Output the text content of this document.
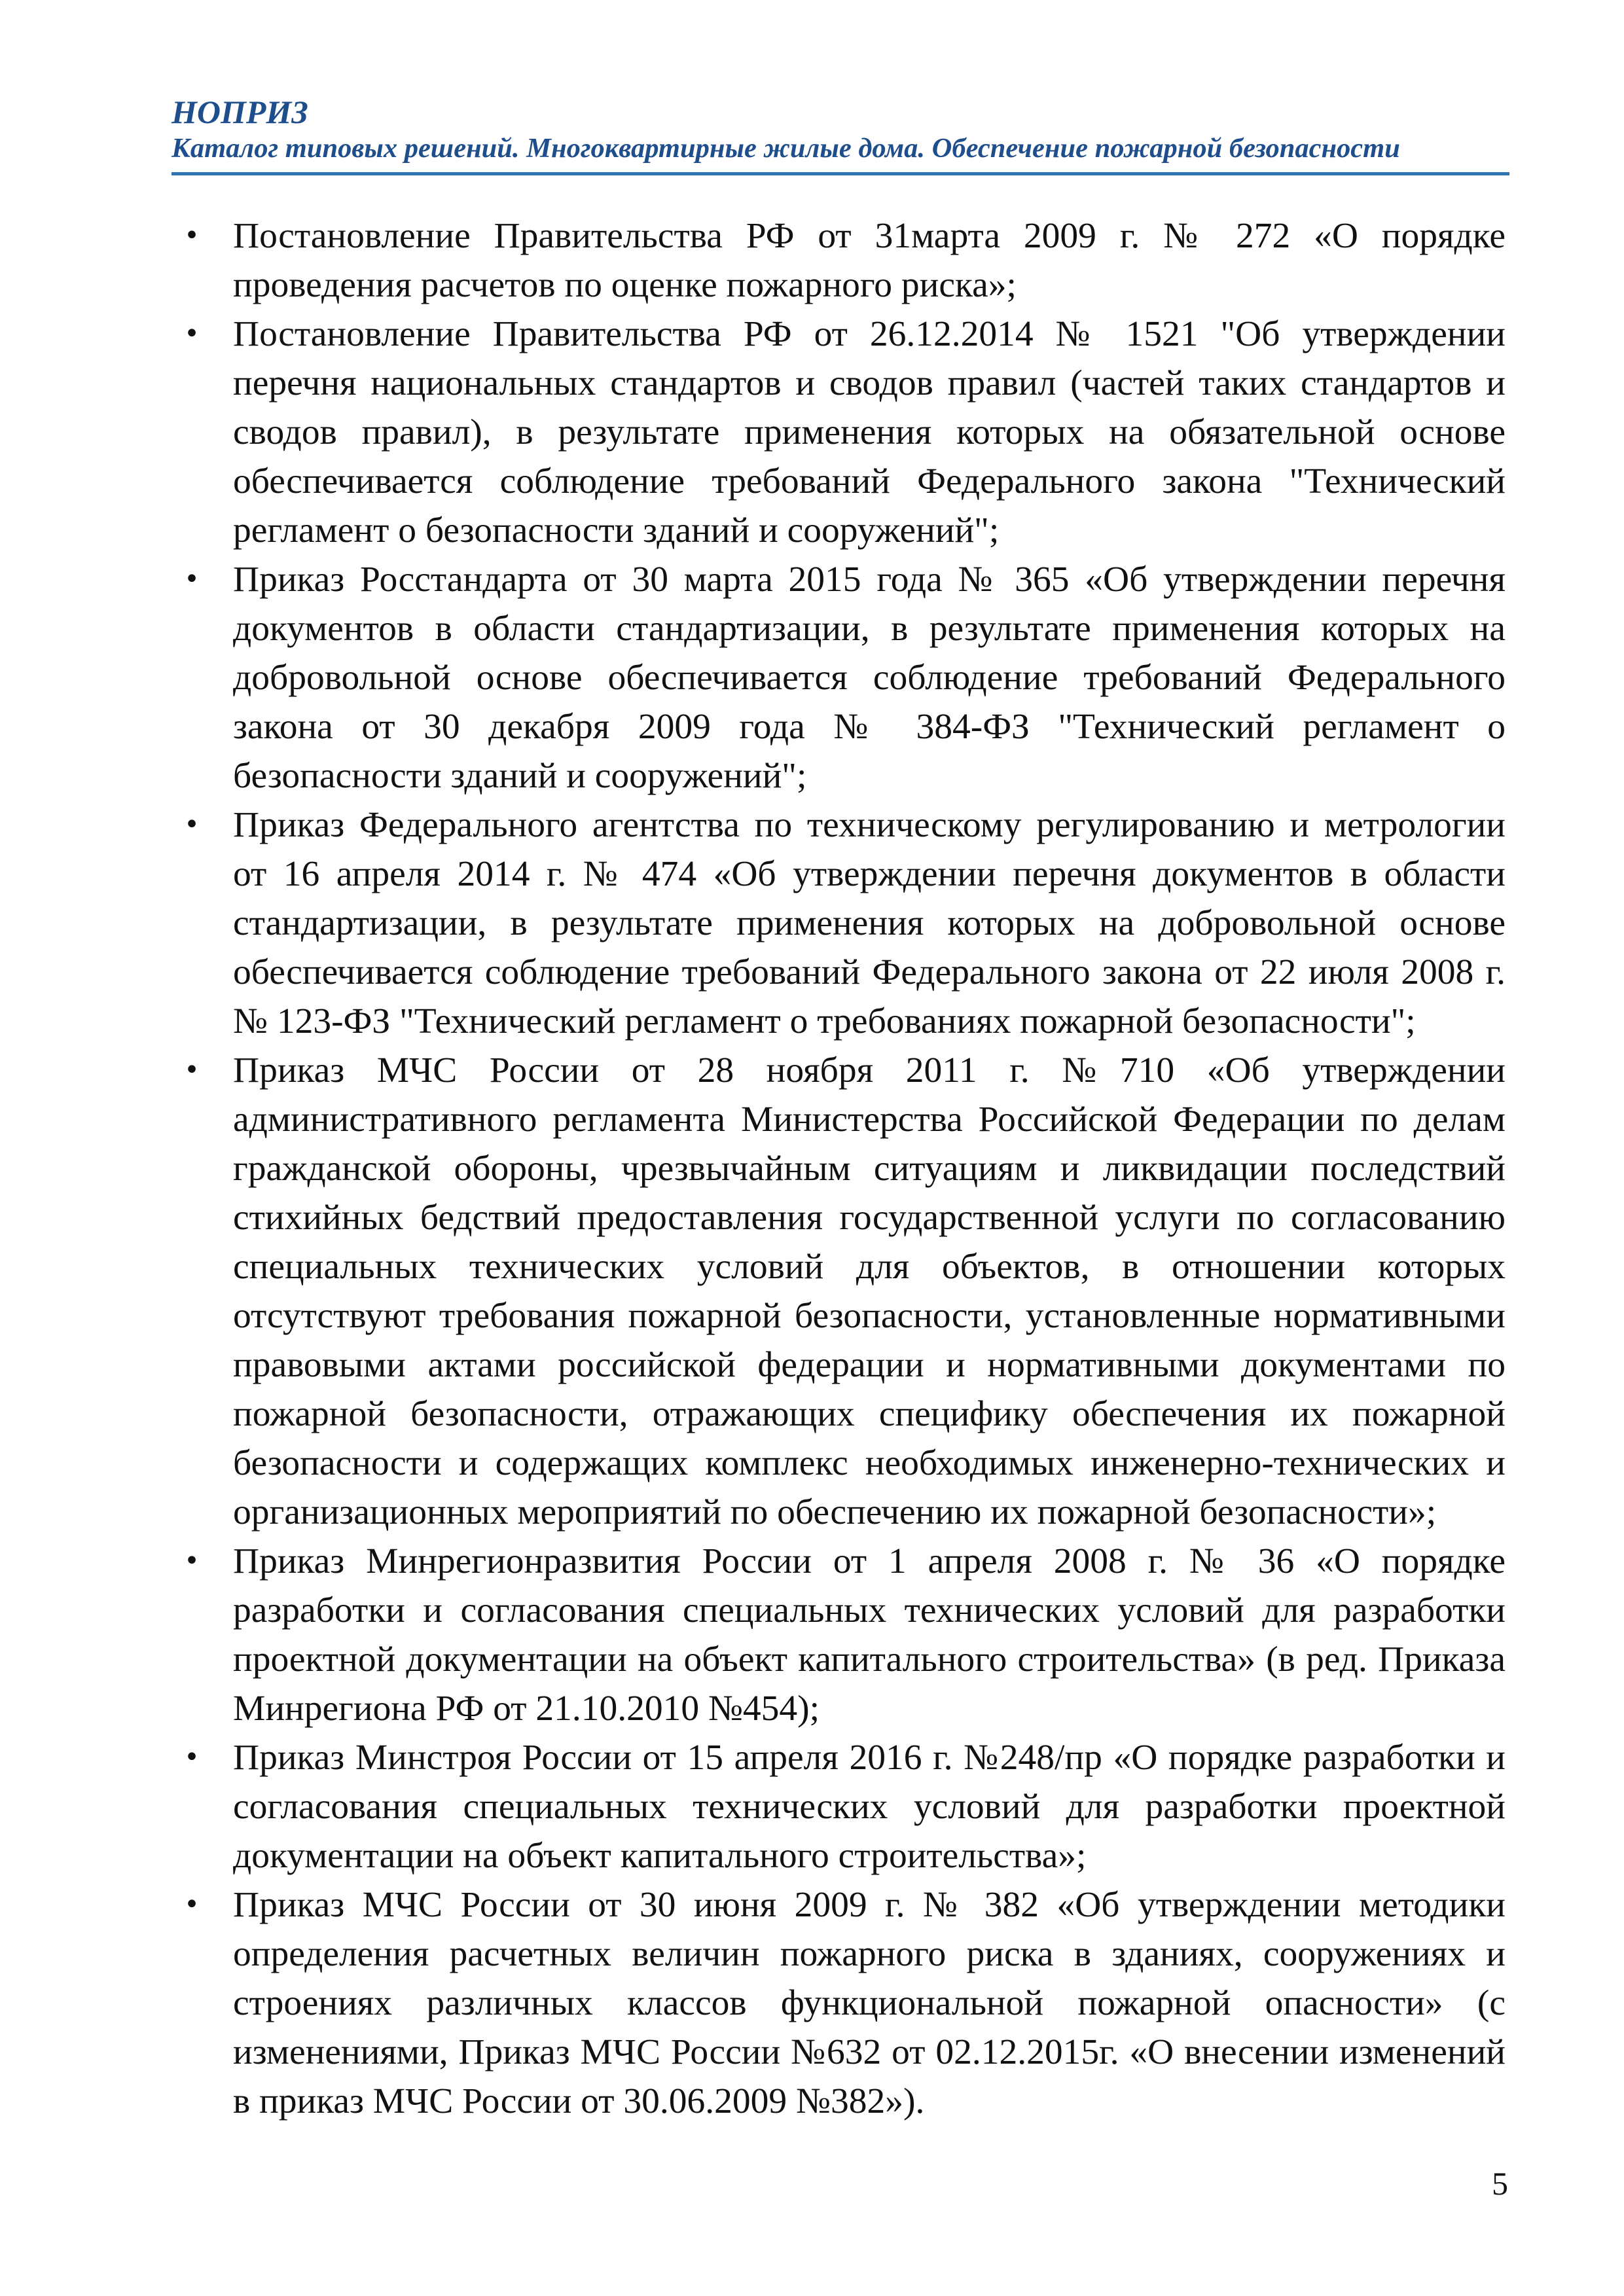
НОПРИЗ
Каталог типовых решений. Многоквартирные жилые дома. Обеспечение пожарной безопасности
• Постановление Правительства РФ от 31марта 2009 г. № 272 «О порядке проведения расчетов по оценке пожарного риска»;
• Постановление Правительства РФ от 26.12.2014 № 1521 "Об утверждении перечня национальных стандартов и сводов правил (частей таких стандартов и сводов правил), в результате применения которых на обязательной основе обеспечивается соблюдение требований Федерального закона "Технический регламент о безопасности зданий и сооружений";
• Приказ Росстандарта от 30 марта 2015 года № 365 «Об утверждении перечня документов в области стандартизации, в результате применения которых на добровольной основе обеспечивается соблюдение требований Федерального закона от 30 декабря 2009 года № 384-ФЗ "Технический регламент о безопасности зданий и сооружений";
• Приказ Федерального агентства по техническому регулированию и метрологии от 16 апреля 2014 г. № 474 «Об утверждении перечня документов в области стандартизации, в результате применения которых на добровольной основе обеспечивается соблюдение требований Федерального закона от 22 июля 2008 г. № 123-ФЗ "Технический регламент о требованиях пожарной безопасности";
• Приказ МЧС России от 28 ноября 2011 г. №710 «Об утверждении административного регламента Министерства Российской Федерации по делам гражданской обороны, чрезвычайным ситуациям и ликвидации последствий стихийных бедствий предоставления государственной услуги по согласованию специальных технических условий для объектов, в отношении которых отсутствуют требования пожарной безопасности, установленные нормативными правовыми актами российской федерации и нормативными документами по пожарной безопасности, отражающих специфику обеспечения их пожарной безопасности и содержащих комплекс необходимых инженерно-технических и организационных мероприятий по обеспечению их пожарной безопасности»;
• Приказ Минрегионразвития России от 1 апреля 2008 г. № 36 «О порядке разработки и согласования специальных технических условий для разработки проектной документации на объект капитального строительства» (в ред. Приказа Минрегиона РФ от 21.10.2010 №454);
• Приказ Минстроя России от 15 апреля 2016 г. №248/пр «О порядке разработки и согласования специальных технических условий для разработки проектной документации на объект капитального строительства»;
• Приказ МЧС России от 30 июня 2009 г. № 382 «Об утверждении методики определения расчетных величин пожарного риска в зданиях, сооружениях и строениях различных классов функциональной пожарной опасности» (с изменениями, Приказ МЧС России №632 от 02.12.2015г. «О внесении изменений в приказ МЧС России от 30.06.2009 №382»).
5
